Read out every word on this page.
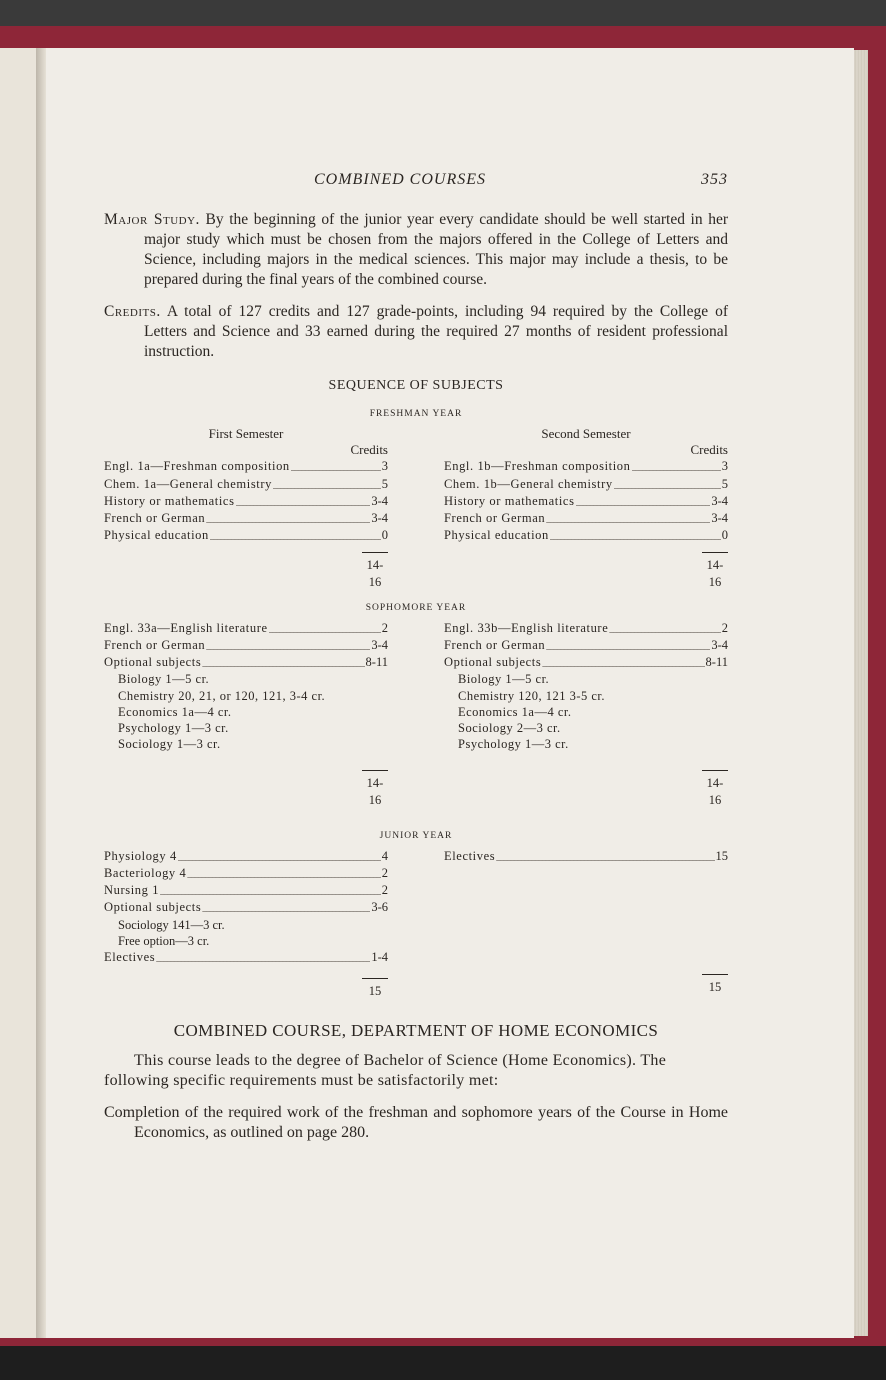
COMBINED COURSES	353

Major Study. By the beginning of the junior year every candidate should be well started in her major study which must be chosen from the majors offered in the College of Letters and Science, including majors in the medical sciences. This major may include a thesis, to be prepared during the final years of the combined course.

Credits. A total of 127 credits and 127 grade-points, including 94 required by the College of Letters and Science and 33 earned during the required 27 months of resident professional instruction.

SEQUENCE OF SUBJECTS
FRESHMAN YEAR
First Semester
Credits
Engl. 1a—Freshman composition _____	3
Chem. 1a—General chemistry _____	5
History or mathematics _____	3-4
French or German _____	3-4
Physical education _____	0
14-16
Second Semester
Credits
Engl. 1b—Freshman composition _____	3
Chem. 1b—General chemistry _____	5
History or mathematics _____	3-4
French or German _____	3-4
Physical education _____	0
14-16
SOPHOMORE YEAR
Engl. 33a—English literature _____	2
French or German _____	3-4
Optional subjects _____	8-11
Biology 1—5 cr.
Chemistry 20, 21, or 120, 121, 3-4 cr.
Economics 1a—4 cr.
Psychology 1—3 cr.
Sociology 1—3 cr.
14-16
Engl. 33b—English literature _____	2
French or German _____	3-4
Optional subjects _____	8-11
Biology 1—5 cr.
Chemistry 120, 121 3-5 cr.
Economics 1a—4 cr.
Sociology 2—3 cr.
Psychology 1—3 cr.
14-16
JUNIOR YEAR
Physiology 4 _____	4
Bacteriology 4 _____	2
Nursing 1 _____	2
Optional subjects _____	3-6
Sociology 141—3 cr.
Free option—3 cr.
Electives _____	1-4
15
Electives _____	15
15
COMBINED COURSE, DEPARTMENT OF HOME ECONOMICS

This course leads to the degree of Bachelor of Science (Home Economics). The following specific requirements must be satisfactorily met:

Completion of the required work of the freshman and sophomore years of the Course in Home Economics, as outlined on page 280.
